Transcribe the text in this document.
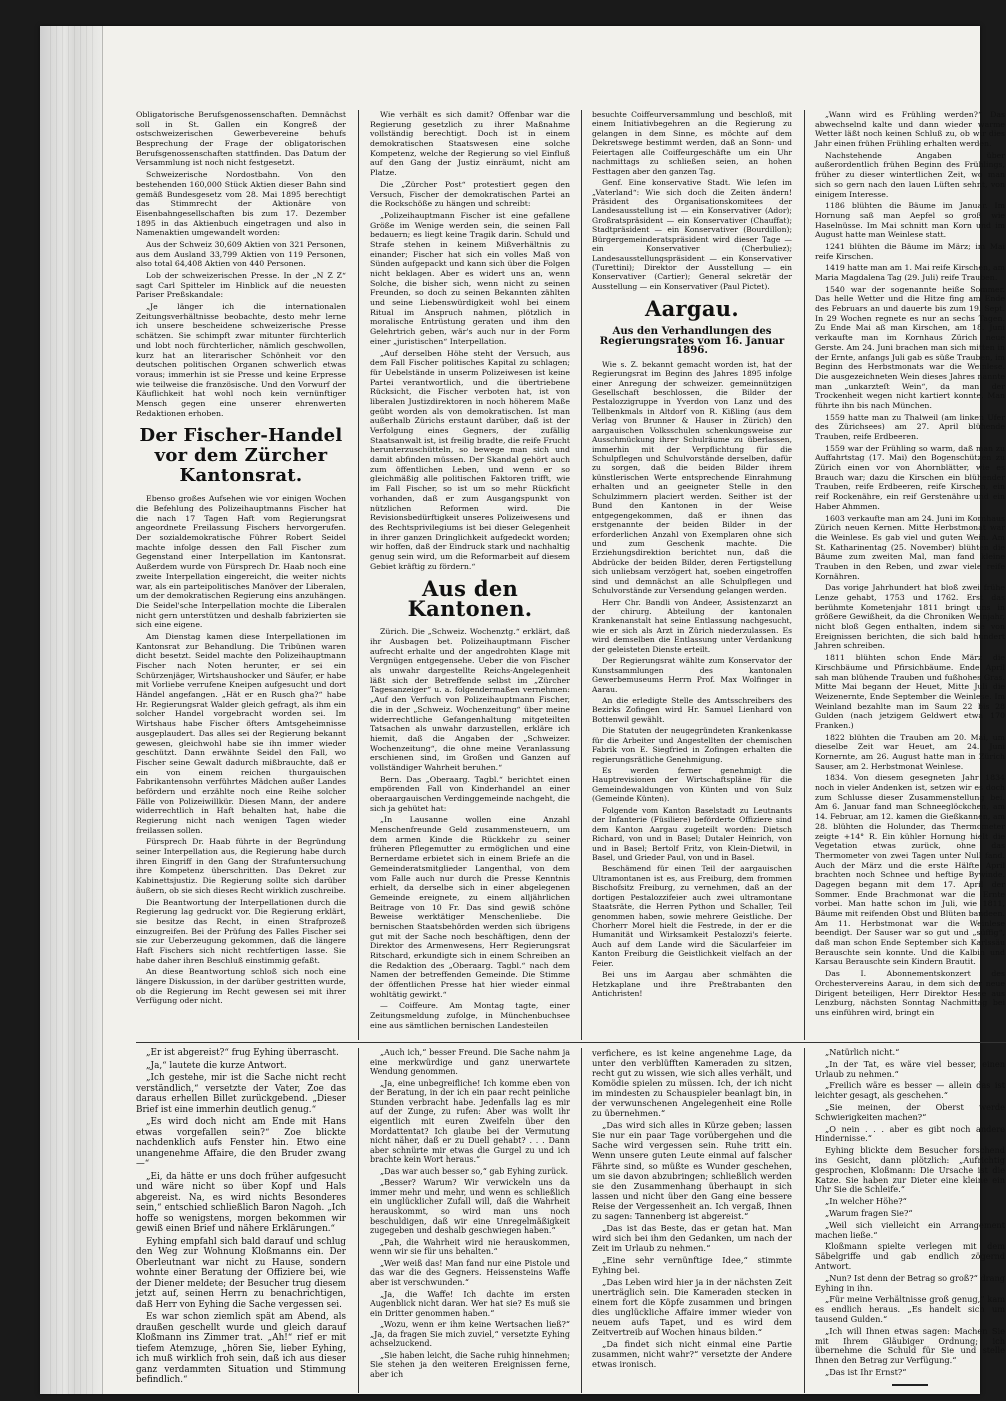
Obligatorische Berufsgenossenschaften. Demnächst soll in St. Gallen ein Kongreß der ostschweizerischen Gewerbevereine behufs Besprechung der Frage der obligatorischen Berufsgenossenschaften stattfinden. Das Datum der Versammlung ist noch nicht festgesetzt.

Schweizerische Nordostbahn. Von den bestehenden 160,000 Stück Aktien dieser Bahn sind gemäß Bundesgesetz vom 28. Mai 1895 berechtigt das Stimmrecht der Aktionäre von Eisenbahngesellschaften bis zum 17. Dezember 1895 in das Aktienbuch eingetragen und also in Namenaktien umgewandelt worden:

Aus der Schweiz 30,609 Aktien von 321 Personen, aus dem Ausland 33,799 Aktien von 119 Personen, also total 64,408 Aktien von 440 Personen.

Lob der schweizerischen Presse. In der „N Z Z“ sagt Carl Spitteler im Hinblick auf die neuesten Pariser Preßskandale:

„Je länger ich die internationalen Zeitungsverhältnisse beobachte, desto mehr lerne ich unsere bescheidene schweizerische Presse schätzen. Sie schimpft zwar mitunter fürchterlich und lobt noch fürchterlicher, nämlich geschwollen, kurz hat an literarischer Schönheit vor den deutschen politischen Organen schwerlich etwas voraus; immerhin ist sie Presse und keine Erpresse wie teilweise die französische. Und den Vorwurf der Käuflichkeit hat wohl noch kein vernünftiger Mensch gegen eine unserer ehrenwerten Redaktionen erhoben.

Der Fischer-Handel vor dem Zürcher Kantonsrat.

Ebenso großes Aufsehen wie vor einigen Wochen die Befehlung des Polizeihauptmanns Fischer hat die nach 17 Tagen Haft vom Regierungsrat angeordnete Freilassung Fischers hervorgerufen. Der sozialdemokratische Führer Robert Seidel machte infolge dessen den Fall Fischer zum Gegenstand einer Interpellation im Kantonsrat. Außerdem wurde von Fürsprech Dr. Haab noch eine zweite Interpellation eingereicht, die weiter nichts war, als ein parteipolitisches Manöver der Liberalen, um der demokratischen Regierung eins anzuhängen. Die Seidel'sche Interpellation mochte die Liberalen nicht gern unterstützen und deshalb fabrizierten sie sich eine eigene.

Am Dienstag kamen diese Interpellationen im Kantonsrat zur Behandlung. Die Tribünen waren dicht besetzt. Seidel machte den Polizeihauptmann Fischer nach Noten herunter, er sei ein Schürzenjäger, Wirtshaushocker und Säufer, er habe mit Vorliebe verrufene Kneipen aufgesucht und dort Händel angefangen. „Hät er en Rusch gha?“ habe Hr. Regierungsrat Walder gleich gefragt, als ihm ein solcher Handel vorgebracht worden sei. Im Wirtshaus habe Fischer öfters Amtsgeheimnisse ausgeplaudert. Das alles sei der Regierung bekannt gewesen, gleichwohl habe sie ihn immer wieder geschützt. Dann erwähnte Seidel den Fall, wo Fischer seine Gewalt dadurch mißbrauchte, daß er ein von einem reichen thurgauischen Fabrikantensohn verführtes Mädchen außer Landes befördern und erzählte noch eine Reihe solcher Fälle von Polizeiwillkür. Diesen Mann, der andere widerrechtlich in Haft behalten hat, habe die Regierung nicht nach wenigen Tagen wieder freilassen sollen.

Fürsprech Dr. Haab führte in der Begründung seiner Interpellation aus, die Regierung habe durch ihren Eingriff in den Gang der Strafuntersuchung ihre Kompetenz überschritten. Das Dekret zur Kabinettsjustiz. Die Regierung sollte sich darüber äußern, ob sie sich dieses Recht wirklich zuschreibe.

Die Beantwortung der Interpellationen durch die Regierung lag gedruckt vor. Die Regierung erklärt, sie besitze das Recht, in einen Strafprozeß einzugreifen. Bei der Prüfung des Falles Fischer sei sie zur Ueberzeugung gekommen, daß die längere Haft Fischers sich nicht rechtfertigen lasse. Sie habe daher ihren Beschluß einstimmig gefaßt.

An diese Beantwortung schloß sich noch eine längere Diskussion, in der darüber gestritten wurde, ob die Regierung im Recht gewesen sei mit ihrer Verfügung oder nicht.

Wie verhält es sich damit? Offenbar war die Regierung gesetzlich zu ihrer Maßnahme vollständig berechtigt. Doch ist in einem demokratischen Staatswesen eine solche Kompetenz, welche der Regierung so viel Einfluß auf den Gang der Justiz einräumt, nicht am Platze.

Die „Zürcher Post“ protestiert gegen den Versuch, Fischer der demokratischen Partei an die Rockschöße zu hängen und schreibt:

„Polizeihauptmann Fischer ist eine gefallene Größe im Wenige werden sein, die seinen Fall bedauern; es liegt keine Tragik darin. Schuld und Strafe stehen in keinem Mißverhältnis zu einander; Fischer hat sich ein volles Maß von Sünden aufgepackt und kann sich über die Folgen nicht beklagen. Aber es widert uns an, wenn Solche, die bisher sich, wenn nicht zu seinen Freunden, so doch zu seinen Bekannten zählten und seine Liebenswürdigkeit wohl bei einem Ritual im Anspruch nahmen, plötzlich in moralische Entrüstung geraten und ihm den Gelehrtrich geben, wär's auch nur in der Form einer „juristischen“ Interpellation.

„Auf derselben Höhe steht der Versuch, aus dem Fall Fischer politisches Kapital zu schlagen; für Uebelstände in unserm Polizeiwesen ist keine Partei verantwortlich, und die übertriebene Rücksicht, die Fischer verboten hat, ist von liberalen Justizdirektoren in noch höherem Maße geübt worden als von demokratischen. Ist man außerhalb Zürichs erstaunt darüber, daß ist der Verfolgung eines Gegners, der zufällig Staatsanwalt ist, ist freilig bradte, die reife Frucht herunterzuschütteln, so bewege man sich und damit abfinden müssen. Der Skandal gehört auch zum öffentlichen Leben, und wenn er so gleichmäßig alle politischen Faktoren trifft, wie im Fall Fischer, so ist um so mehr Rückficht vorhanden, daß er zum Ausgangspunkt von nützlichen Reformen wird. Die Revisionsbedürftigkeit unseres Polizeiwesens und des Rechtsprivilegiums ist bei dieser Gelegenheit in ihrer ganzen Dringlichkeit aufgedeckt worden; wir hoffen, daß der Eindruck stark und nachhaltig genug sein wird, um die Reformarbeit auf diesem Gebiet kräftig zu fördern.“

Aus den Kantonen.

Zürich. Die „Schweiz. Wochenztg.“ erklärt, daß ihr Ausbagen bet. Polizeihauptmann Fischer aufrecht erhalte und der angedrohten Klage mit Vergnügen entgegensehe. Ueber die von Fischer als unwahr dargestellte Reichs-Angelegenheit läßt sich der Betreffende selbst im „Zürcher Tagesanzeiger“ u. a. folgendermaßen vernehmen: „Auf den Verfuch von Polizeihauptmann Fischer, die in der „Schweiz. Wochenzeitung“ über meine widerrechtliche Gefangenhaltung mitgeteilten Tatsachen als unwahr darzustellen, erkläre ich hiemit, daß die Angaben der „Schweizer. Wochenzeitung“, die ohne meine Veranlassung erschienen sind, im Großen und Ganzen auf vollständiger Wahrheit beruhen.“

Bern. Das „Oberaarg. Tagbl.“ berichtet einen empörenden Fall von Kinderhandel an einer oberaargauischen Verdinggemeinde nachgeht, die sich ja gehütet hat:

„In Lausanne wollen eine Anzahl Menschenfreunde Geld zusammensteuern, um dem armen Kinde die Rückkehr zu seiner früheren Pflegemutter zu ermöglichen und eine Bernerdame erbietet sich in einem Briefe an die Gemeinderatsmitglieder Langenthal, von dem vom Falle auch nur durch die Presse Kenntnis erhielt, da derselbe sich in einer abgelegenen Gemeinde ereignete, zu einem alljährlichen Beitrage von 10 Fr. Das sind gewiß schöne Beweise werktätiger Menschenliebe. Die bernischen Staatsbehörden werden sich übrigens gut mit der Sache noch beschäftigen, denn der Direktor des Armenwesens, Herr Regierungsrat Ritschard, erkundigte sich in einem Schreiben an die Redaktion des „Oberaarg. Tagbl.“ nach dem Namen der betreffenden Gemeinde. Die Stimme der öffentlichen Presse hat hier wieder einmal wohltätig gewirkt.“

— Coiffeure. Am Montag tagte, einer Zeitungsmeldung zufolge, in Münchenbuchsee eine aus sämtlichen bernischen Landesteilen

besuchte Coiffeurversammlung und beschloß, mit einem Initiativbegehren an die Regierung zu gelangen in dem Sinne, es möchte auf dem Dekretswege bestimmt werden, daß an Sonn- und Feiertagen alle Coiffeurgeschäfte um ein Uhr nachmittags zu schließen seien, an hohen Festtagen aber den ganzen Tag.

Genf. Eine konservative Stadt. Wie leſen im „Vaterland“: Wie sich doch die Zeiten ändern! Präsident des Organisationskomitees der Landesausstellung ist — ein Konservativer (Ador); Großratspräsident — ein Konservativer (Chauffat); Stadtpräsident — ein Konservativer (Bourdillon); Bürgergemeinderatspräsident wird dieser Tage — ein Konservativer (Cherbuliez); Landesausstellungspräsident — ein Konservativer (Turettini); Direktor der Ausstellung — ein Konservativer (Cartier); General sekretär der Ausstellung — ein Konservativer (Paul Pictet).

Aargau.
Aus den Verhandlungen des Regierungsrates vom 16. Januar 1896.

Wie s. Z. bekannt gemacht worden ist, hat der Regierungsrat im Beginn des Jahres 1895 infolge einer Anregung der schweizer. gemeinnützigen Gesellschaft beschlossen, die Bilder der Pestalozzigruppe in Yverdon von Lanz und des Tellbenkmals in Altdorf von R. Kißling (aus dem Verlag von Brunner & Hauser in Zürich) den aargauischen Volksschulen schenkungsweise zur Ausschmückung ihrer Schulräume zu überlassen, immerhin mit der Verpflichtung für die Schulpflegen und Schulvorstände derselben, dafür zu sorgen, daß die beiden Bilder ihrem künstlerischen Werte entsprechende Einrahmung erhalten und an geeigneter Stelle in den Schulzimmern placiert werden. Seither ist der Bund den Kantonen in der Weise entgegengekommen, daß er ihnen das erstgenannte der beiden Bilder in der erforderlichen Anzahl von Exemplaren ohne sich und zum Geschenk machte. Die Erziehungsdirektion berichtet nun, daß die Abdrücke der beiden Bilder, deren Fertigstellung sich unliebsam verzögert hat, soeben eingetroffen sind und demnächst an alle Schulpflegen und Schulvorstände zur Versendung gelangen werden.

Herr Chr. Bandli von Andeer, Assistenzarzt an der chirurg. Abteilung der kantonalen Krankenanstalt hat seine Entlassung nachgesucht, wie er sich als Arzt in Zürich niederzulassen. Es wird demselben die Entlassung unter Verdankung der geleisteten Dienste erteilt.

Der Regierungsrat wählte zum Konservator der Kunstsammlungen des kantonalen Gewerbemuseums Herrn Prof. Max Wolfinger in Aarau.

An die erledigte Stelle des Amtsschreibers des Bezirks Zofingen wird Hr. Samuel Lienhard von Bottenwil gewählt.

Die Statuten der neugegründeten Krankenkasse für die Arbeiter und Angestellten der chemischen Fabrik von E. Siegfried in Zofingen erhalten die regierungsrätliche Genehmigung.

Es werden ferner genehmigt die Hauptrevisionen der Wirtschaftspläne für die Gemeindewaldungen von Künten und von Sulz (Gemeinde Künten).

Folgende vom Kanton Baselstadt zu Leutnants der Infanterie (Füsiliere) beförderte Offiziere sind dem Kanton Aargau zugeteilt worden: Dietsch Richard, von und in Basel; Dutaler Heinrich, von und in Basel; Bertolf Fritz, von Klein-Dietwil, in Basel, und Grieder Paul, von und in Basel.

Beschämend für einen Teil der aargauischen Ultramontanen ist es, aus Freiburg, dem frommen Bischofsitz Freiburg, zu vernehmen, daß an der dortigen Pestalozzifeier auch zwei ultramontane Staatsräte, die Herren Python und Schaller, Teil genommen haben, sowie mehrere Geistliche. Der Chorherr Morel hielt die Festrede, in der er die Humanität und Wirksamkeit Pestalozzi's feierte. Auch auf dem Lande wird die Säcularfeier im Kanton Freiburg die Geistlichkeit vielfach an der Feier.

Bei uns im Aargau aber schmähten die Hetzkaplane und ihre Preßtrabanten den Antichristen!

„Wann wird es Frühling werden?“ Das abwechselnd kalte und dann wieder warme Wetter läßt noch keinen Schluß zu, ob wir dies Jahr einen frühen Frühling erhalten werden.

Nachstehende Angaben über außerordentlich frühen Beginn des Frühlings, früher zu dieser wintertlichen Zeit, wo man sich so gern nach den lauen Lüften sehnt, von einigem Interesse.

1186 blühten die Bäume im Januar. Im Hornung saß man Aepfel so groß wie Haselnüsse. Im Mai schnitt man Korn und im August hatte man Weinlese statt.

1241 blühten die Bäume im März; im Mai reife Kirschen.

1419 hatte man am 1. Mai reife Kirschen, am Maria Magdalena Tag (29. Juli) reife Trauben.

1540 war der sogenannte heiße Sommer. Das helle Wetter und die Hitze fing am Ende des Februars an und dauerte bis zum 19. Sept. In 29 Wochen regnete es nur an sechs Tagen. Zu Ende Mai aß man Kirschen, am 18. Juni verkaufte man im Kornhaus Zürich neue Gerste. Am 24. Juni brachen man sich mitten in der Ernte, anfangs Juli gab es süße Trauben, im Beginn des Herbstmonats war die Weinlese. Die ausgezeichneten Wein dieses Jahres nannte man „unkarzteſt Wein“, da man der Trockenheit wegen nicht kartiert konnte. Man führte ihn bis nach München.

1559 hatte man zu Thalweil (am linken Ufer des Zürichsees) am 27. April blühende Trauben, reife Erdbeeren.

1559 war der Frühling so warm, daß man zu Auffahrtstag (17. Mai) den Bogenschützen zu Zürich einen vor von Ahornblätter, wie es Brauch war; dazu die Kirschen ein blühender Trauben, reife Erdbeeren, reife Kirschen, ein reif Rockenähre, ein reif Gerstenähre und ein Haber Ahmmen.

1603 verkaufte man am 24. Juni im Kornhaus Zürich neuen Kernen. Mitte Herbstmonat war die Weinlese. Es gab viel und guten Wein. Am St. Katharinentag (25. November) blühten die Bäume zum zweiten Mal, man fand kleine Trauben in den Reben, und zwar viele reife Kornähren.

Das vorige Jahrhundert hat bloß zwei frühe Lenze gehabt, 1753 und 1762. Erst das berühmte Kometenjahr 1811 bringt uns in größere Gewißheit, da die Chroniken Weinjahr, nicht bloß Gegen enthalten, indem sie von Ereignissen berichten, die sich bald hundert Jahren schreiben.

1811 blühten schon Ende März die Kirschbäume und Pfirsichbäume. Ende April sah man blühende Trauben und fußhohes Gras. Mitte Mai begann der Heuet, Mitte Juli die Weizenernte, Ende September die Weinlese. Im Weinland bezahlte man im Saum 22 bis 28 Gulden (nach jetzigem Geldwert etwa 170 Franken.)

1822 blühten die Trauben am 20. Mai, um dieselbe Zeit war Heuet, am 24. Juni Kornernte, am 26. August hatte man in Zürich Sauser, am 2. Herbstmonat Weinlese.

1834. Von diesem gesegneten Jahr 1834 noch in vieler Andenken ist, setzen wir es doch zum Schlusse dieser Zusammenstellung bei. Am 6. Januar fand man Schneeglöckchen, am 14. Februar, am 12. kamen die Gießkannen, am 28. blühten die Holunder, das Thermometer zeigte +14° R. Ein kühler Hornung hielt die Vegetation etwas zurück, ohne das Thermometer von zwei Tagen unter Null fand. Auch der März und die erste Hälfte April brachten noch Schnee und heftige Bywinde. Dagegen begann mit dem 17. April der Sommer. Ende Brachmonat war die Ernte vorbei. Man hatte schon im Juli, wie 1811, Bäume mit reifenden Obst und Blüten bandeen. Am 11. Herbstmonat war die Weinlese beendigt. Der Sauser war so gut und „süffig“, daß man schon Ende September sich Karlssäu Berauschte sein konnte. Und die Kalbin und Karsau Berauschte sein Kindern Brautit.

Das I. Abonnementskonzert des Orchestervereins Aarau, in dem sich der neue Dirigent beteiligen, Herr Direktor Hesse aus Lenzburg, nächsten Sonntag Nachmittag bei uns einführen wird, bringt ein

„Er ist abgereist?“ frug Eyhing überrascht.

„Ja,“ lautete die kurze Antwort.

„Ich gestehe, mir ist die Sache nicht recht verständlich,“ versetzte der Vater, Zoe das daraus erhellen Billet zurückgebend. „Dieser Brief ist eine immerhin deutlich genug.“

„Es wird doch nicht am Ende mit Hans etwas vorgefallen sein?“ Zoe blickte nachdenklich aufs Fenster hin. Etwo eine unangenehme Affaire, die den Bruder zwang —“

„Ei, da hätte er uns doch früher aufgesucht und wäre nicht so über Kopf und Hals abgereist. Na, es wird nichts Besonderes sein,“ entschied schließlich Baron Nagoh. „Ich hoffe so wenigstens, morgen bekommen wir gewiß einen Brief und nähere Erklärungen.“

Eyhing empfahl sich bald darauf und schlug den Weg zur Wohnung Kloßmanns ein. Der Oberleutnant war nicht zu Hause, sondern wohnte einer Beratung der Offiziere bei, wie der Diener meldete; der Besucher trug diesem jetzt auf, seinen Herrn zu benachrichtigen, daß Herr von Eyhing die Sache vergessen sei.

Es war schon ziemlich spät am Abend, als draußen geschellt wurde und gleich darauf Kloßmann ins Zimmer trat. „Ah!“ rief er mit tiefem Atemzuge, „hören Sie, lieber Eyhing, ich muß wirklich froh sein, daß ich aus dieser ganz verdammten Situation und Stimmung befindlich.“

„Auch ich,“ besser Freund. Die Sache nahm ja eine merkwürdige und ganz unerwartete Wendung genommen.

„Ja, eine unbegreifliche! Ich komme eben von der Beratung, in der ich ein paar recht peinliche Stunden verbracht habe. Jedenfalls lag es mir auf der Zunge, zu rufen: Aber was wollt ihr eigentlich mit euren Zweifeln über den Mordattentat? Ich glaube bei der Vermutung nicht näher, daß er zu Duell gehabt? . . . Dann aber schnürte mir etwas die Gurgel zu und ich brachte kein Wort heraus.“

„Das war auch besser so,“ gab Eyhing zurück.

„Besser? Warum? Wir verwickeln uns da immer mehr und mehr, und wenn es schließlich ein unglücklicher Zufall will, daß die Wahrheit herauskommt, so wird man uns noch beschuldigen, daß wir eine Unregelmäßigkeit zugegeben und deshalb geschwiegen haben.“

„Pah, die Wahrheit wird nie herauskommen, wenn wir sie für uns behalten.“

„Wer weiß das! Man fand nur eine Pistole und das war die des Gegners. Heissensteins Waffe aber ist verschwunden.“

„Ja, die Waffe! Ich dachte im ersten Augenblick nicht daran. Wer hat sie? Es muß sie ein Dritter genommen haben.“

„Wozu, wenn er ihm keine Wertsachen ließ?“ „Ja, da fragen Sie mich zuviel,“ versetzte Eyhing achselzuckend.

„Sie haben leicht, die Sache ruhig hinnehmen; Sie stehen ja den weiteren Ereignissen ferne, aber ich

verfichere, es ist keine angenehme Lage, da unter den verblüfften Kameraden zu sitzen, recht gut zu wissen, wie sich alles verhält, und Komödie spielen zu müssen. Ich, der ich nicht im mindesten zu Schauspieler beanlagt bin, in der verwunschenen Angelegenheit eine Rolle zu übernehmen.“

„Das wird sich alles in Kürze geben; lassen Sie nur ein paar Tage vorübergehen und die Sache wird vergessen sein. Ruhe tritt ein. Wenn unsere guten Leute einmal auf falscher Fährte sind, so müßte es Wunder geschehen, um sie davon abzubringen; schließlich werden sie den Zusammenhang überhaupt in sich lassen und nicht über den Gang eine bessere Reise der Vergessenheit an. Ich vergaß, Ihnen zu sagen: Tannenberg ist abgereist.“

„Das ist das Beste, das er getan hat. Man wird sich bei ihm den Gedanken, um nach der Zeit im Urlaub zu nehmen.“

„Eine sehr vernünftige Idee,“ stimmte Eyhing bei.

„Das Leben wird hier ja in der nächsten Zeit unerträglich sein. Die Kameraden stecken in einem fort die Köpfe zusammen und bringen dies unglückliche Affaire immer wieder von neuem aufs Tapet, und es wird dem Zeitvertreib auf Wochen hinaus bilden.“

„Da findet sich nicht einmal eine Partie zusammen, nicht wahr?“ versetzte der Andere etwas ironisch.

„Natürlich nicht.“

„In der Tat, es wäre viel besser, einen Urlaub zu nehmen.“

„Freilich wäre es besser — allein das ist leichter gesagt, als geschehen.“

„Sie meinen, der Oberst werde Schwierigkeiten machen?“

„O nein . . . aber es gibt noch andere Hindernisse.“

Eyhing blickte dem Besucher forschend ins Gesicht, dann plötzlich: „Aufrichtig gesprochen, Kloßmann: Die Ursache ist die Katze. Sie haben zur Dieter eine kleine ein Uhr Sie die Schleife.“

„In welcher Höhe?“

„Warum fragen Sie?“

„Weil sich vielleicht ein Arrangement machen ließe.“

Kloßmann spielte verlegen mit dem Säbelgriffe und gab endlich zögernd Antwort.

„Nun? Ist denn der Betrag so groß?“ drang Eyhing in ihn.

„Für meine Verhältnisse groß genug,“ kam es endlich heraus. „Es handelt sich um tausend Gulden.“

„Ich will Ihnen etwas sagen: Machen Sie mit Ihrem Gläubiger Ordnung; ich übernehme die Schuld für Sie und stelle Ihnen den Betrag zur Verfügung.“

„Das ist Ihr Ernst?“
